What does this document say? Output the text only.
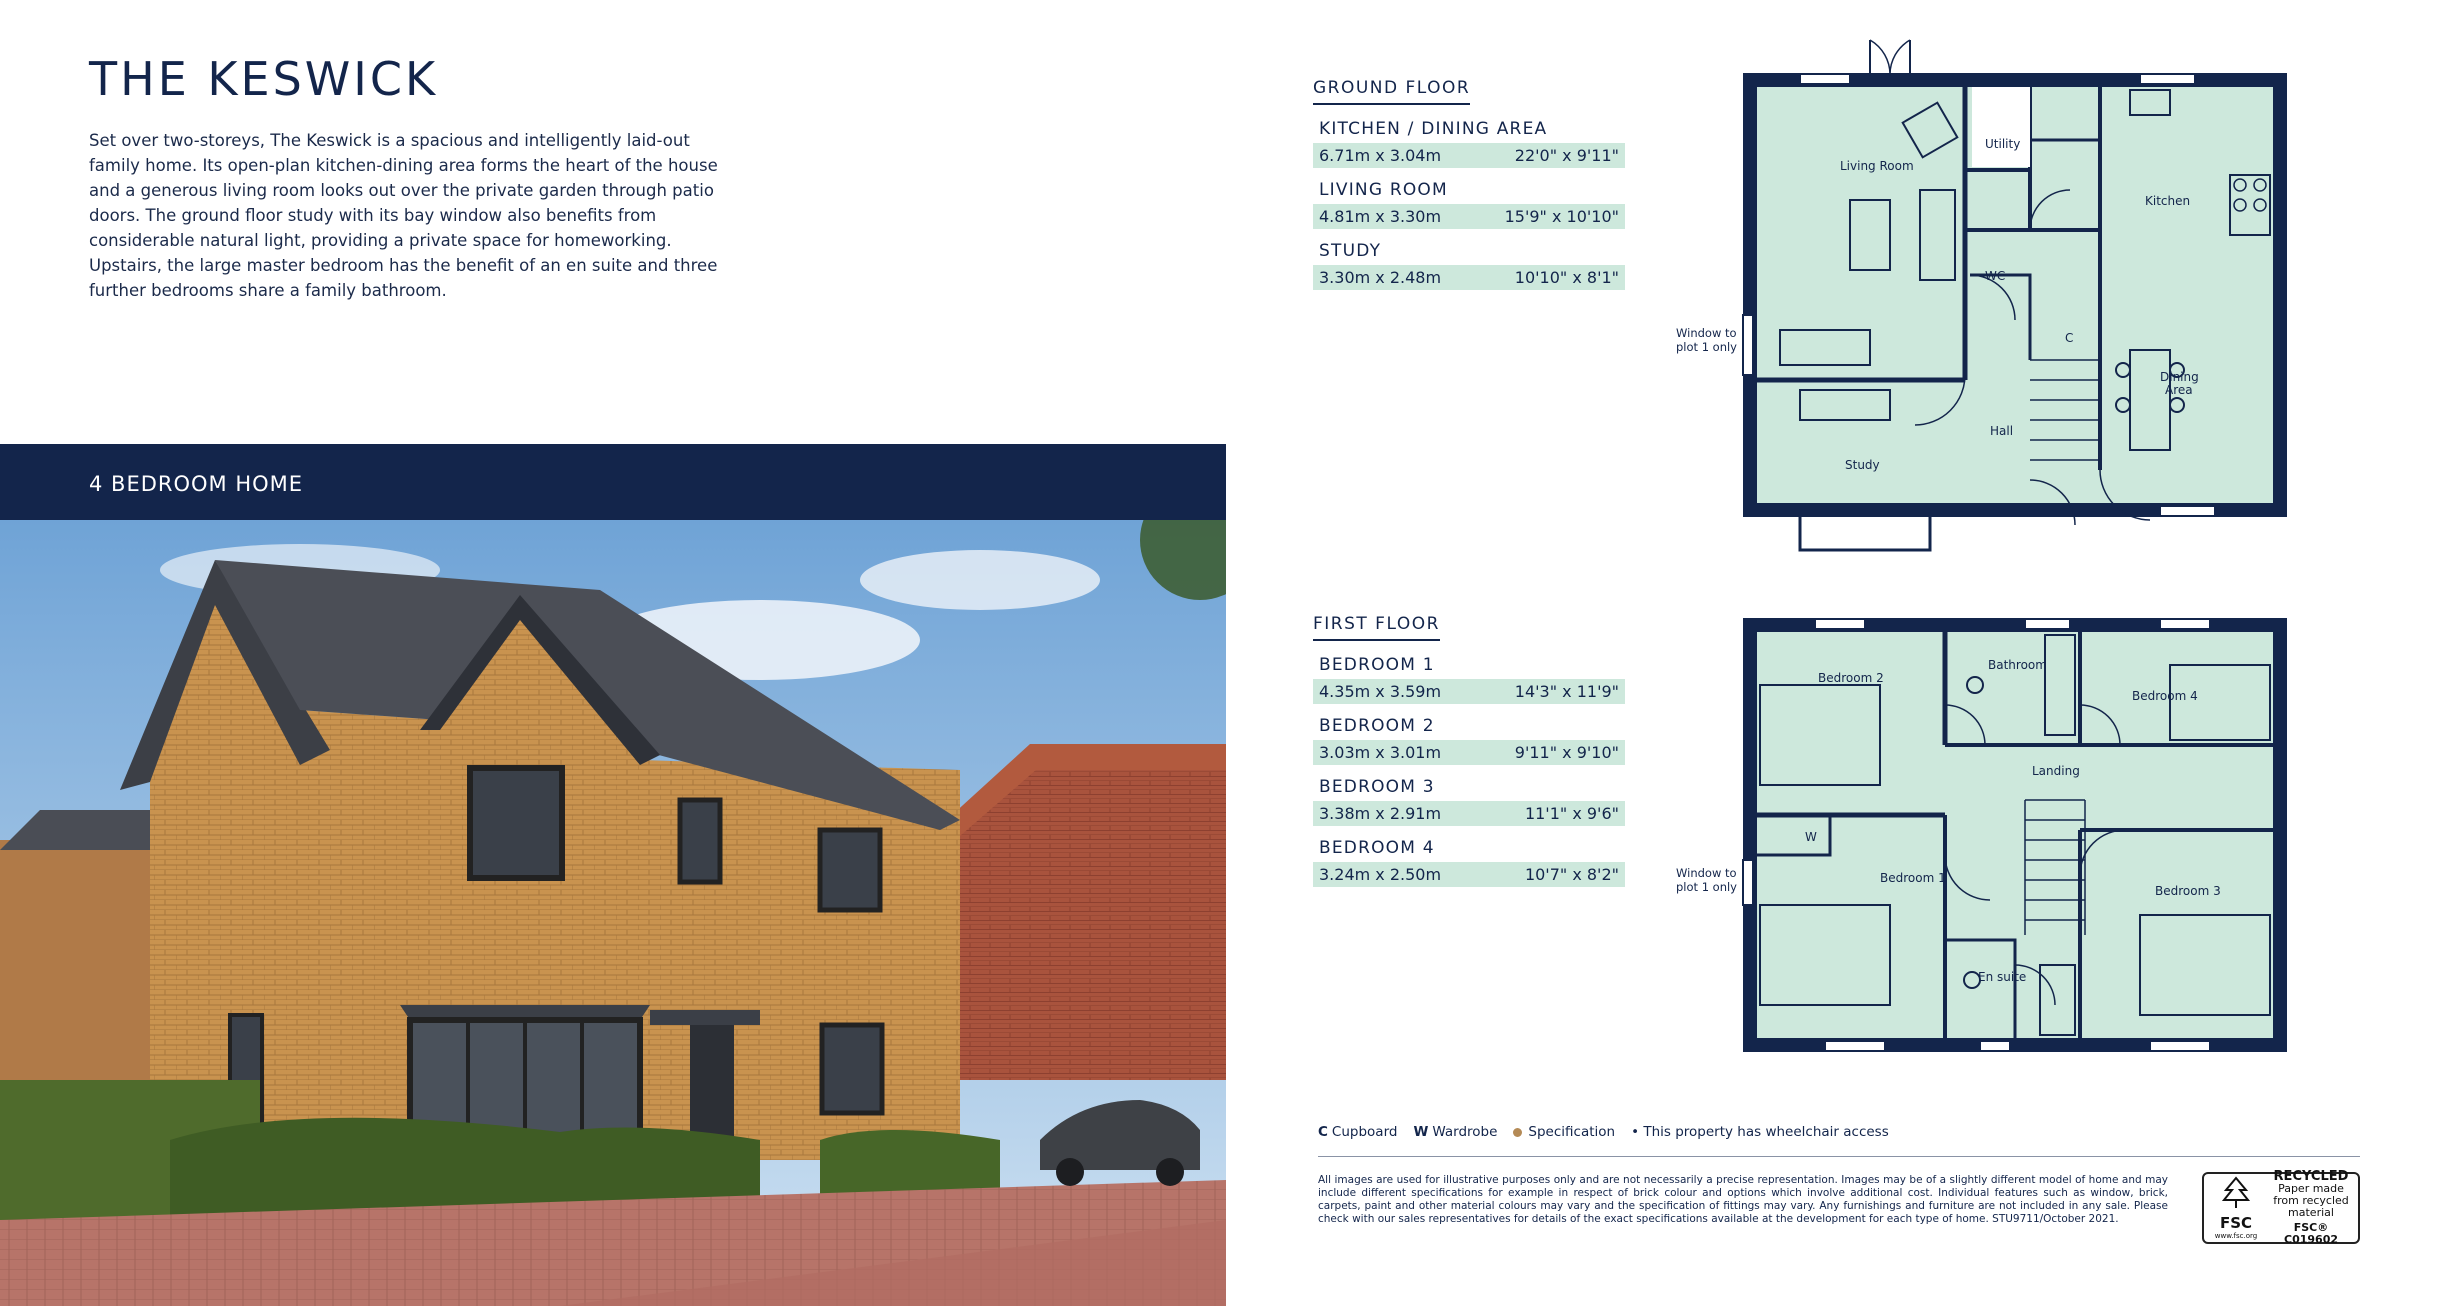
THE KESWICK

Set over two-storeys, The Keswick is a spacious and intelligently laid-out family home. Its open-plan kitchen-dining area forms the heart of the house and a generous living room looks out over the private garden through patio doors. The ground floor study with its bay window also benefits from considerable natural light, providing a private space for homeworking. Upstairs, the large master bedroom has the benefit of an en suite and three further bedrooms share a family bathroom.

4 BEDROOM HOME
GROUND FLOOR
KITCHEN / DINING AREA
6.71m x 3.04m	22'0" x 9'11"
LIVING ROOM
4.81m x 3.30m	15'9" x 10'10"
STUDY
3.30m x 2.48m	10'10" x 8'1"
FIRST FLOOR
BEDROOM 1
4.35m x 3.59m	14'3" x 11'9"
BEDROOM 2
3.03m x 3.01m	9'11" x 9'10"
BEDROOM 3
3.38m x 2.91m	11'1" x 9'6"
BEDROOM 4
3.24m x 2.50m	10'7" x 8'2"
Window to
plot 1 only
Window to
plot 1 only
Living Room
Utility
Kitchen
WC
C
Dining
Area
Hall
Study
Bedroom 2
Bathroom
Bedroom 4
Landing
W
Bedroom 1
Bedroom 3
En suite
C Cupboard W Wardrobe	Specification • This property has wheelchair access

All images are used for illustrative purposes only and are not necessarily a precise representation. Images may be of a slightly different model of home and may include different specifications for example in respect of brick colour and options which involve additional cost. Individual features such as window, brick, carpets, paint and other material colours may vary and the specification of fittings may vary. Any furnishings and furniture are not included in any sale. Please check with our sales representatives for details of the exact specifications available at the development for each type of home. STU9711/October 2021.	FSC
www.fsc.org
RECYCLED
Paper made from recycled material
FSC® C019602
